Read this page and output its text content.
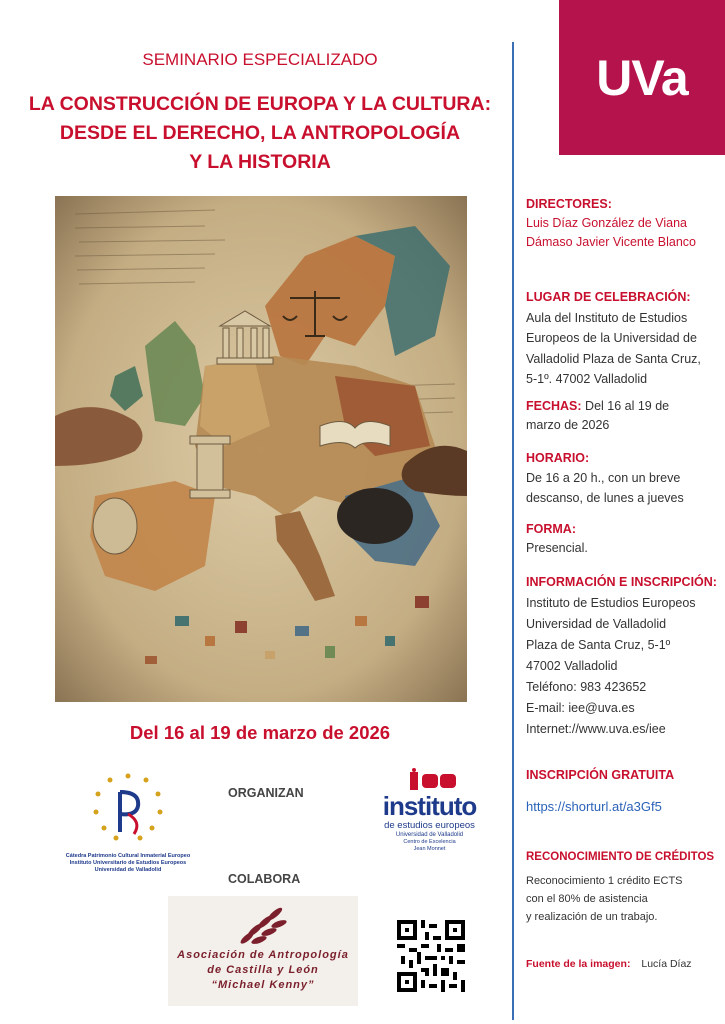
SEMINARIO ESPECIALIZADO
LA CONSTRUCCIÓN DE EUROPA Y LA CULTURA:
DESDE EL DERECHO, LA ANTROPOLOGÍA
Y LA HISTORIA
Del 16 al 19 de marzo de 2026
UVa
DIRECTORES:
Luis Díaz González de Viana
Dámaso Javier Vicente Blanco
LUGAR DE CELEBRACIÓN:
Aula del Instituto de Estudios
Europeos de la Universidad de
Valladolid Plaza de Santa Cruz,
5-1º. 47002 Valladolid
FECHAS: Del 16 al 19 de
marzo de 2026
HORARIO:
De 16 a 20 h., con un breve
descanso, de lunes a jueves
FORMA:
Presencial.
INFORMACIÓN E INSCRIPCIÓN:
Instituto de Estudios Europeos
Universidad de Valladolid
Plaza de Santa Cruz, 5-1º
47002 Valladolid
Teléfono: 983 423652
E-mail: iee@uva.es
Internet://www.uva.es/iee
INSCRIPCIÓN GRATUITA
https://shorturl.at/a3Gf5
RECONOCIMIENTO DE CRÉDITOS
Reconocimiento 1 crédito ECTS
con el 80% de asistencia
y realización de un trabajo.
Fuente de la imagen: Lucía Díaz
ORGANIZAN
COLABORA
Cátedra Patrimonio Cultural Inmaterial Europeo
Instituto Universitario de Estudios Europeos
Universidad de Valladolid
instituto
de estudios europeos
Universidad de Valladolid
Centro de Excelencia
Jean Monnet
Asociación de Antropología
de Castilla y León
“Michael Kenny”
